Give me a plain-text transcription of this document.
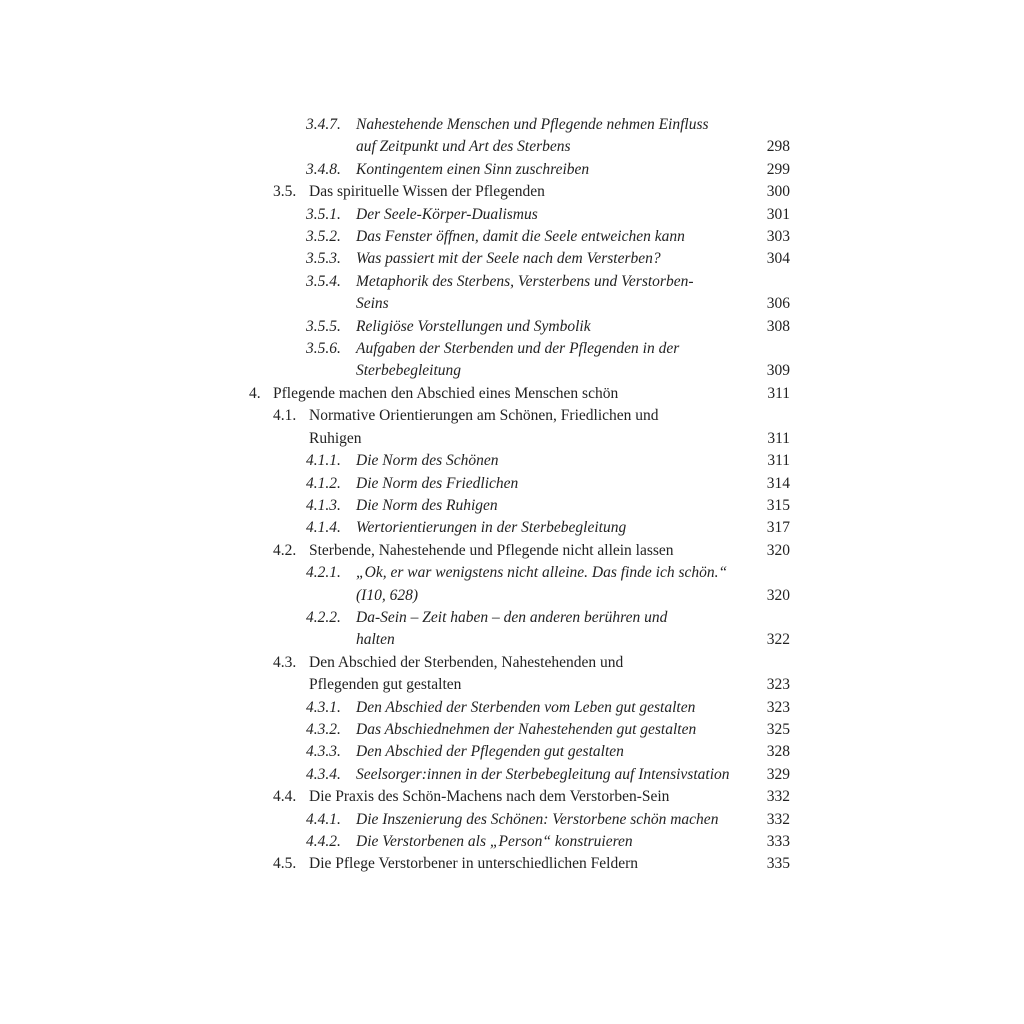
3.4.7. Nahestehende Menschen und Pflegende nehmen Einfluss
auf Zeitpunkt und Art des Sterbens	298
3.4.8. Kontingentem einen Sinn zuschreiben	299
3.5. Das spirituelle Wissen der Pflegenden	300
3.5.1. Der Seele-Körper-Dualismus	301
3.5.2. Das Fenster öffnen, damit die Seele entweichen kann	303
3.5.3. Was passiert mit der Seele nach dem Versterben?	304
3.5.4. Metaphorik des Sterbens, Versterbens und Verstorben-
Seins	306
3.5.5. Religiöse Vorstellungen und Symbolik	308
3.5.6. Aufgaben der Sterbenden und der Pflegenden in der
Sterbebegleitung	309
4. Pflegende machen den Abschied eines Menschen schön	311
4.1. Normative Orientierungen am Schönen, Friedlichen und
Ruhigen	311
4.1.1. Die Norm des Schönen	311
4.1.2. Die Norm des Friedlichen	314
4.1.3. Die Norm des Ruhigen	315
4.1.4. Wertorientierungen in der Sterbebegleitung	317
4.2. Sterbende, Nahestehende und Pflegende nicht allein lassen	320
4.2.1. „Ok, er war wenigstens nicht alleine. Das finde ich schön.“
(I10, 628)	320
4.2.2. Da-Sein – Zeit haben – den anderen berühren und
halten	322
4.3. Den Abschied der Sterbenden, Nahestehenden und
Pflegenden gut gestalten	323
4.3.1. Den Abschied der Sterbenden vom Leben gut gestalten	323
4.3.2. Das Abschiednehmen der Nahestehenden gut gestalten	325
4.3.3. Den Abschied der Pflegenden gut gestalten	328
4.3.4. Seelsorger:innen in der Sterbebegleitung auf Intensivstation	329
4.4. Die Praxis des Schön-Machens nach dem Verstorben-Sein	332
4.4.1. Die Inszenierung des Schönen: Verstorbene schön machen	332
4.4.2. Die Verstorbenen als „Person“ konstruieren	333
4.5. Die Pflege Verstorbener in unterschiedlichen Feldern	335
